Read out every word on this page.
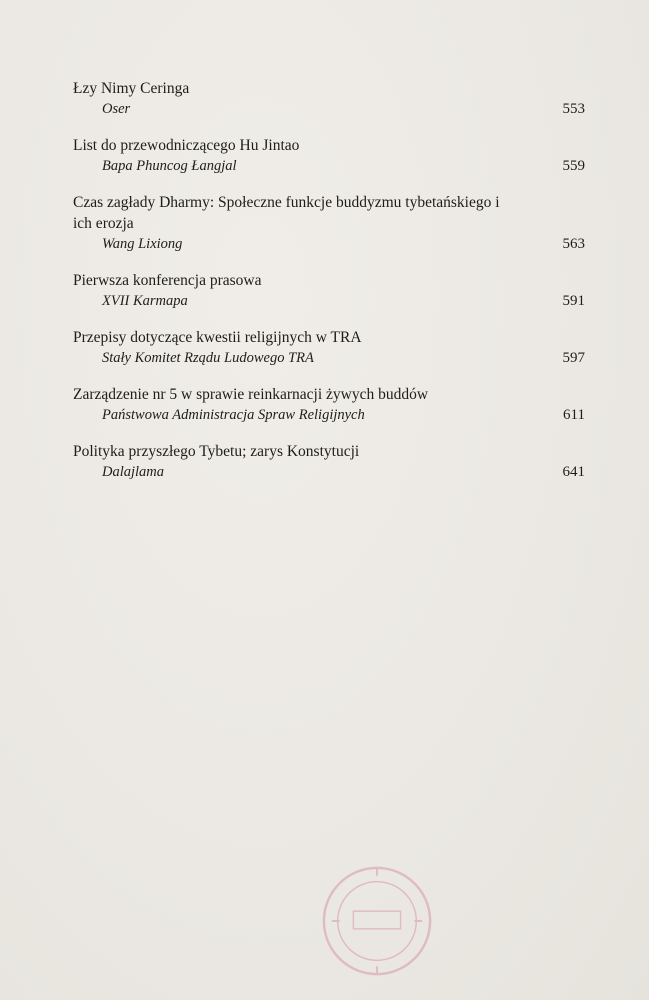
Łzy Nimy Ceringa
Oser	553
List do przewodniczącego Hu Jintao
Bapa Phuncog Łangjal	559
Czas zagłady Dharmy: Społeczne funkcje buddyzmu tybetańskiego i ich erozja
Wang Lixiong	563
Pierwsza konferencja prasowa
XVII Karmapa	591
Przepisy dotyczące kwestii religijnych w TRA
Stały Komitet Rządu Ludowego TRA	597
Zarządzenie nr 5 w sprawie reinkarnacji żywych buddów
Państwowa Administracja Spraw Religijnych	611
Polityka przyszłego Tybetu; zarys Konstytucji
Dalajlama	641
